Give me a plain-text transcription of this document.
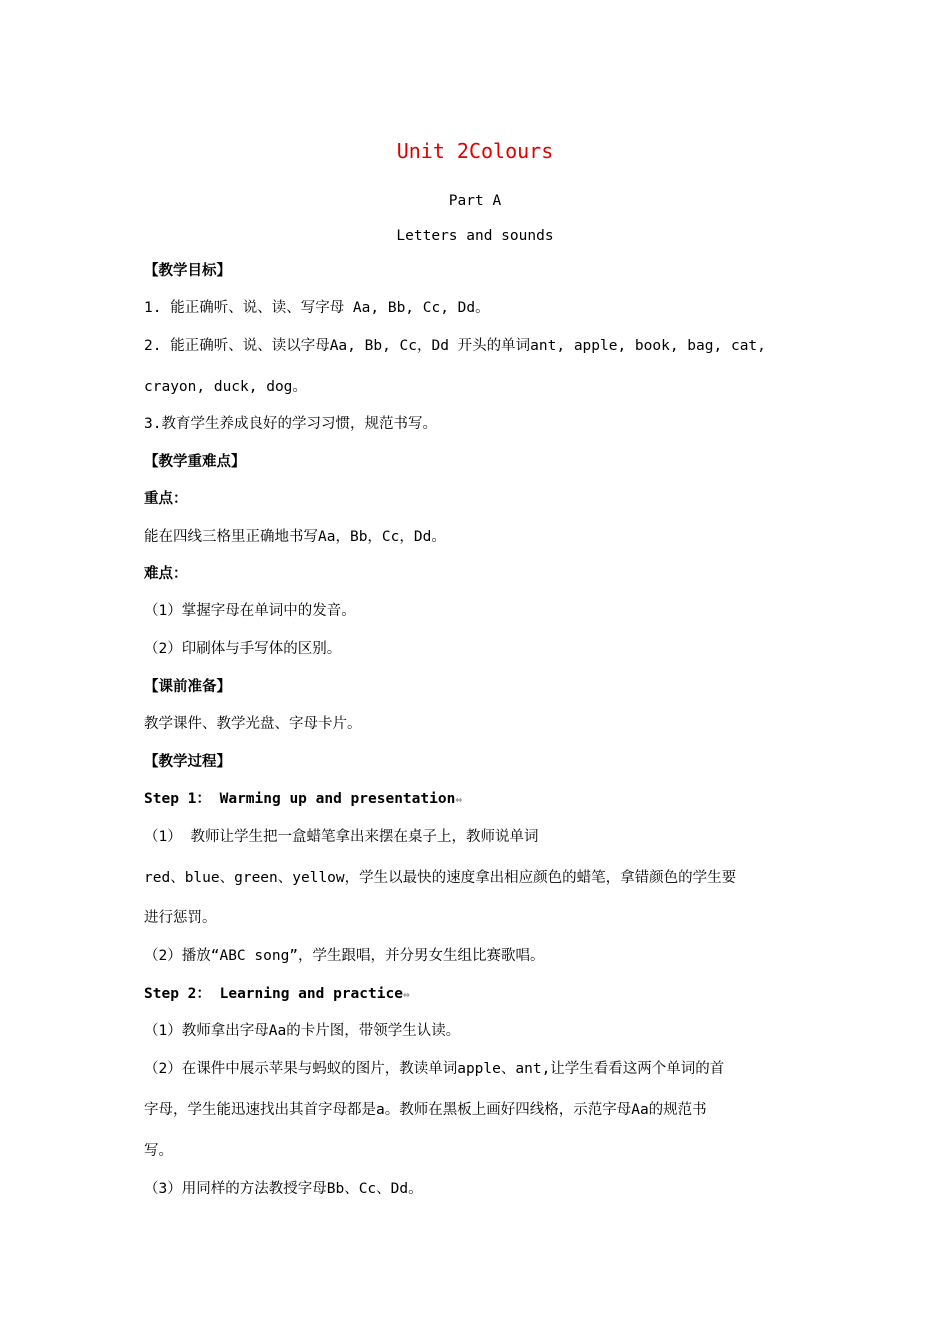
Unit 2Colours
Part A
Letters and sounds
【教学目标】
1. 能正确听、说、读、写字母 Aa, Bb, Cc, Dd。
2. 能正确听、说、读以字母Aa, Bb, Cc，Dd 开头的单词ant, apple, book, bag, cat,
crayon, duck, dog。
3.教育学生养成良好的学习习惯，规范书写。
【教学重难点】
重点：
能在四线三格里正确地书写Aa，Bb，Cc，Dd。
难点：
（1）掌握字母在单词中的发音。
（2）印刷体与手写体的区别。
【课前准备】
教学课件、教学光盘、字母卡片。
【教学过程】
Step 1： Warming up and presentation⇔
（1） 教师让学生把一盒蜡笔拿出来摆在桌子上，教师说单词
red、blue、green、yellow，学生以最快的速度拿出相应颜色的蜡笔，拿错颜色的学生要
进行惩罚。
（2）播放“ABC song”，学生跟唱，并分男女生组比赛歌唱。
Step 2： Learning and practice⇔
（1）教师拿出字母Aa的卡片图，带领学生认读。
（2）在课件中展示苹果与蚂蚁的图片，教读单词apple、ant,让学生看看这两个单词的首
字母，学生能迅速找出其首字母都是a。教师在黑板上画好四线格，示范字母Aa的规范书
写。
（3）用同样的方法教授字母Bb、Cc、Dd。
